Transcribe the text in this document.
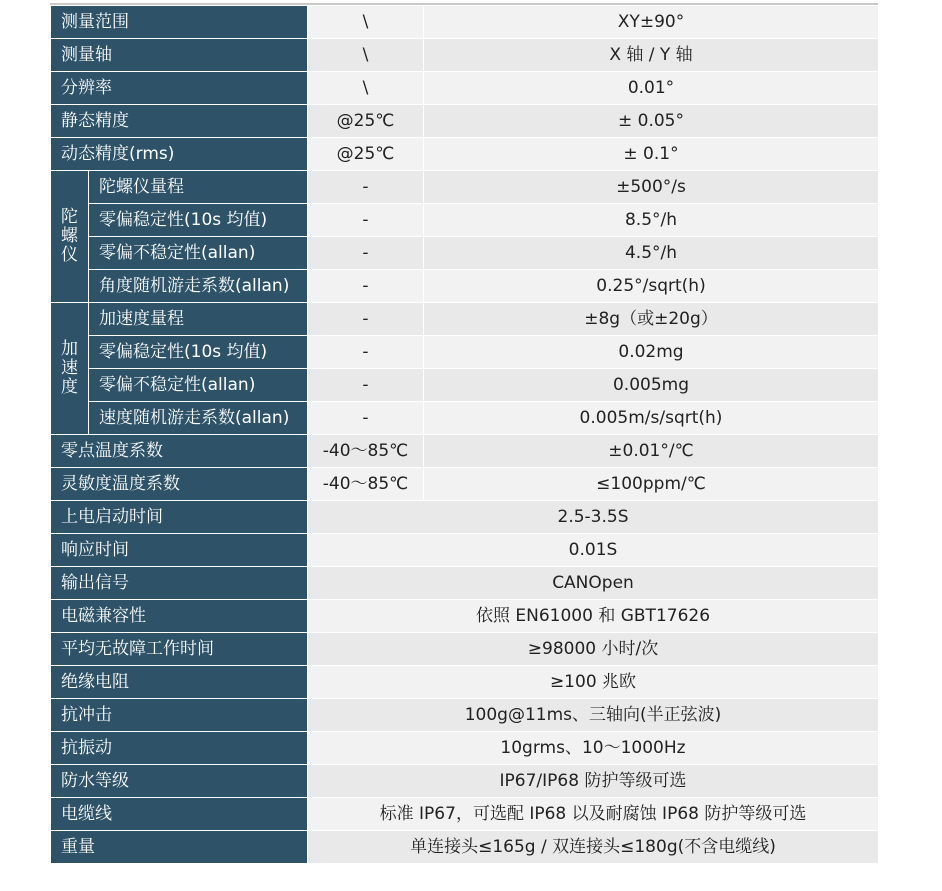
测量范围		\	XY±90°
测量轴		\	X 轴 / Y 轴
分辨率		\	0.01°
静态精度		@25℃	± 0.05°
动态精度(rms)		@25℃	± 0.1°

陀螺仪	陀螺仪量程	-	±500°/s
	零偏稳定性(10s 均值)	-	8.5°/h
	零偏不稳定性(allan)	-	4.5°/h
	角度随机游走系数(allan)	-	0.25°/sqrt(h)

加速度	加速度量程	-	±8g（或±20g）
	零偏稳定性(10s 均值)	-	0.02mg
	零偏不稳定性(allan)	-	0.005mg
	速度随机游走系数(allan)	-	0.005m/s/sqrt(h)
零点温度系数		-40～85℃	±0.01°/℃
灵敏度温度系数		-40～85℃	≤100ppm/℃
上电启动时间		2.5-3.5S	
响应时间		0.01S	
输出信号		CANOpen	
电磁兼容性		依照 EN61000 和 GBT17626	
平均无故障工作时间		≥98000 小时/次	
绝缘电阻		≥100 兆欧	
抗冲击		100g@11ms、三轴向(半正弦波)	
抗振动		10grms、10～1000Hz	
防水等级		IP67/IP68 防护等级可选	
电缆线		标准 IP67，可选配 IP68 以及耐腐蚀 IP68 防护等级可选	
重量		单连接头≤165g / 双连接头≤180g(不含电缆线)	
